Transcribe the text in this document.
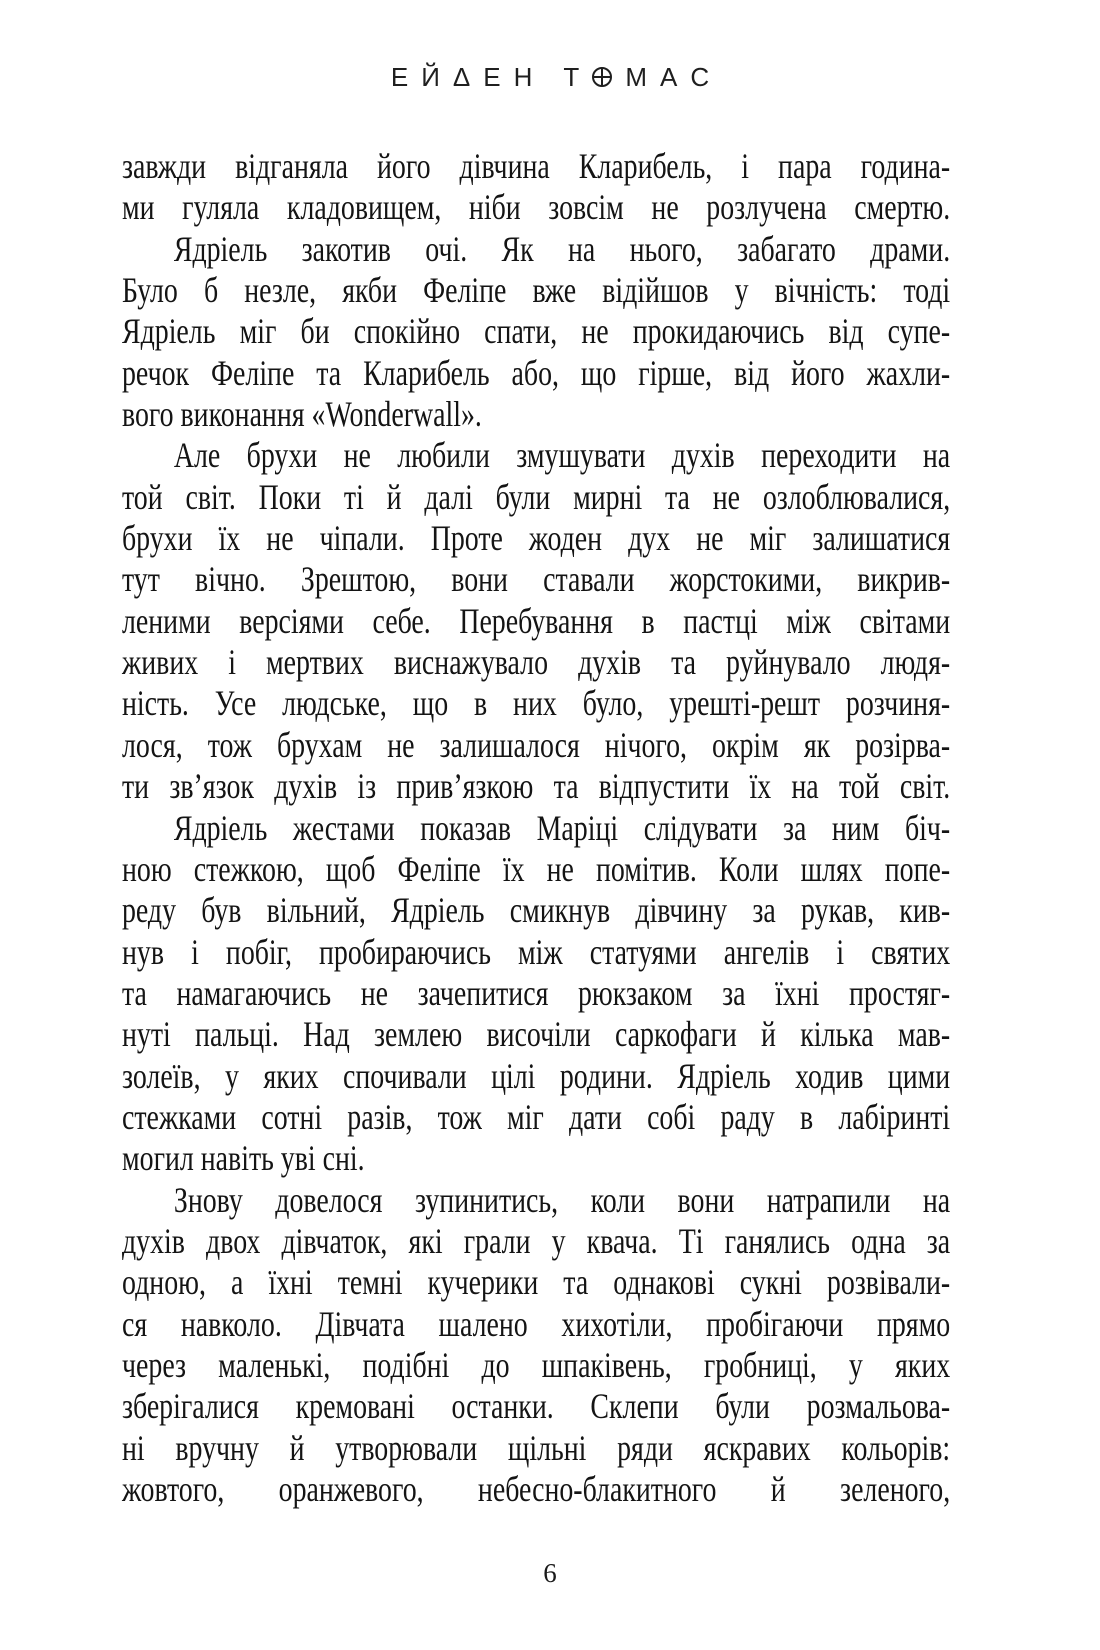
Е Й Δ Е Н Т М А С
завжди відганяла його дівчина Кларибель, і пара година-
ми гуляла кладовищем, ніби зовсім не розлучена смертю.
Ядріель закотив очі. Як на нього, забагато драми.
Було б незле, якби Феліпе вже відійшов у вічність: тоді
Ядріель міг би спокійно спати, не прокидаючись від супе-
речок Феліпе та Кларибель або, що гірше, від його жахли-
вого виконання «Wonderwall».
Але брухи не любили змушувати духів переходити на
той світ. Поки ті й далі були мирні та не озлоблювалися,
брухи їх не чіпали. Проте жоден дух не міг залишатися
тут вічно. Зрештою, вони ставали жорстокими, викрив-
леними версіями себе. Перебування в пастці між світами
живих і мертвих виснажувало духів та руйнувало людя-
ність. Усе людське, що в них було, урешті-решт розчиня-
лося, тож брухам не залишалося нічого, окрім як розірва-
ти зв’язок духів із прив’язкою та відпустити їх на той світ.
Ядріель жестами показав Маріці слідувати за ним біч-
ною стежкою, щоб Феліпе їх не помітив. Коли шлях попе-
реду був вільний, Ядріель смикнув дівчину за рукав, кив-
нув і побіг, пробираючись між статуями ангелів і святих
та намагаючись не зачепитися рюкзаком за їхні простяг-
нуті пальці. Над землею височіли саркофаги й кілька мав-
золеїв, у яких спочивали цілі родини. Ядріель ходив цими
стежками сотні разів, тож міг дати собі раду в лабіринті
могил навіть уві сні.
Знову довелося зупинитись, коли вони натрапили на
духів двох дівчаток, які грали у квача. Ті ганялись одна за
одною, а їхні темні кучерики та однакові сукні розвівали-
ся навколо. Дівчата шалено хихотіли, пробігаючи прямо
через маленькі, подібні до шпаківень, гробниці, у яких
зберігалися кремовані останки. Склепи були розмальова-
ні вручну й утворювали щільні ряди яскравих кольорів:
жовтого, оранжевого, небесно-блакитного й зеленого,
6
